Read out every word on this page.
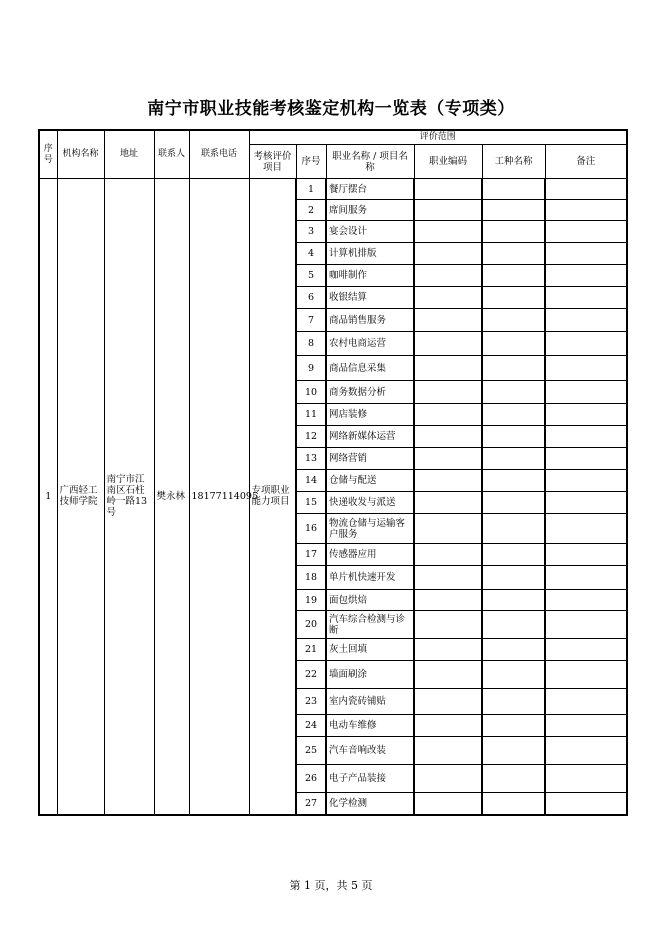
南宁市职业技能考核鉴定机构一览表（专项类）
序号	机构名称	地址	联系人	联系电话	评价范围					
					考核评价项目	序号	职业名称 / 项目名称	职业编码	工种名称	备注
1	广西轻工技师学院	南宁市江南区石柱岭一路13号	樊永林	18177114095	专项职业能力项目	1	餐厅摆台			
						2	席间服务			
						3	宴会设计			
						4	计算机排版			
						5	咖啡制作			
						6	收银结算			
						7	商品销售服务			
						8	农村电商运营			
						9	商品信息采集			
						10	商务数据分析			
						11	网店装修			
						12	网络新媒体运营			
						13	网络营销			
						14	仓储与配送			
						15	快递收发与派送			
						16	物流仓储与运输客户服务			
						17	传感器应用			
						18	单片机快速开发			
						19	面包烘焙			
						20	汽车综合检测与诊断			
						21	灰土回填			
						22	墙面刷涂			
						23	室内瓷砖铺贴			
						24	电动车维修			
						25	汽车音响改装			
						26	电子产品装接			
						27	化学检测			
第 1 页，共 5 页
